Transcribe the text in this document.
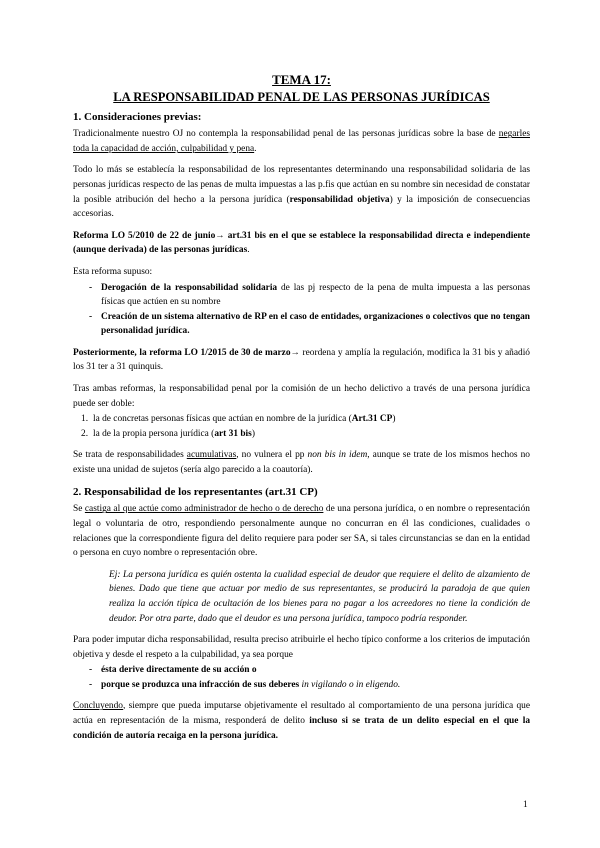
TEMA 17:
LA RESPONSABILIDAD PENAL DE LAS PERSONAS JURÍDICAS
1. Consideraciones previas:

Tradicionalmente nuestro OJ no contempla la responsabilidad penal de las personas jurídicas sobre la base de negarles toda la capacidad de acción, culpabilidad y pena.

Todo lo más se establecía la responsabilidad de los representantes determinando una responsabilidad solidaria de las personas jurídicas respecto de las penas de multa impuestas a las p.fis que actúan en su nombre sin necesidad de constatar la posible atribución del hecho a la persona jurídica (responsabilidad objetiva) y la imposición de consecuencias accesorias.

Reforma LO 5/2010 de 22 de junio→ art.31 bis en el que se establece la responsabilidad directa e independiente (aunque derivada) de las personas jurídicas.

Esta reforma supuso:

- Derogación de la responsabilidad solidaria de las pj respecto de la pena de multa impuesta a las personas físicas que actúen en su nombre
- Creación de un sistema alternativo de RP en el caso de entidades, organizaciones o colectivos que no tengan personalidad jurídica.

Posteriormente, la reforma LO 1/2015 de 30 de marzo→ reordena y amplía la regulación, modifica la 31 bis y añadió los 31 ter a 31 quinquis.

Tras ambas reformas, la responsabilidad penal por la comisión de un hecho delictivo a través de una persona jurídica puede ser doble:

1. la de concretas personas físicas que actúan en nombre de la jurídica (Art.31 CP)
2. la de la propia persona jurídica (art 31 bis)

Se trata de responsabilidades acumulativas, no vulnera el pp non bis in idem, aunque se trate de los mismos hechos no existe una unidad de sujetos (sería algo parecido a la coautoría).

2. Responsabilidad de los representantes (art.31 CP)

Se castiga al que actúe como administrador de hecho o de derecho de una persona jurídica, o en nombre o representación legal o voluntaria de otro, respondiendo personalmente aunque no concurran en él las condiciones, cualidades o relaciones que la correspondiente figura del delito requiere para poder ser SA, si tales circunstancias se dan en la entidad o persona en cuyo nombre o representación obre.

Ej: La persona jurídica es quién ostenta la cualidad especial de deudor que requiere el delito de alzamiento de bienes. Dado que tiene que actuar por medio de sus representantes, se producirá la paradoja de que quien realiza la acción típica de ocultación de los bienes para no pagar a los acreedores no tiene la condición de deudor. Por otra parte, dado que el deudor es una persona jurídica, tampoco podría responder.

Para poder imputar dicha responsabilidad, resulta preciso atribuirle el hecho típico conforme a los criterios de imputación objetiva y desde el respeto a la culpabilidad, ya sea porque

- ésta derive directamente de su acción o
- porque se produzca una infracción de sus deberes in vigilando o in eligendo.

Concluyendo, siempre que pueda imputarse objetivamente el resultado al comportamiento de una persona jurídica que actúa en representación de la misma, responderá de delito incluso si se trata de un delito especial en el que la condición de autoría recaiga en la persona jurídica.

1
